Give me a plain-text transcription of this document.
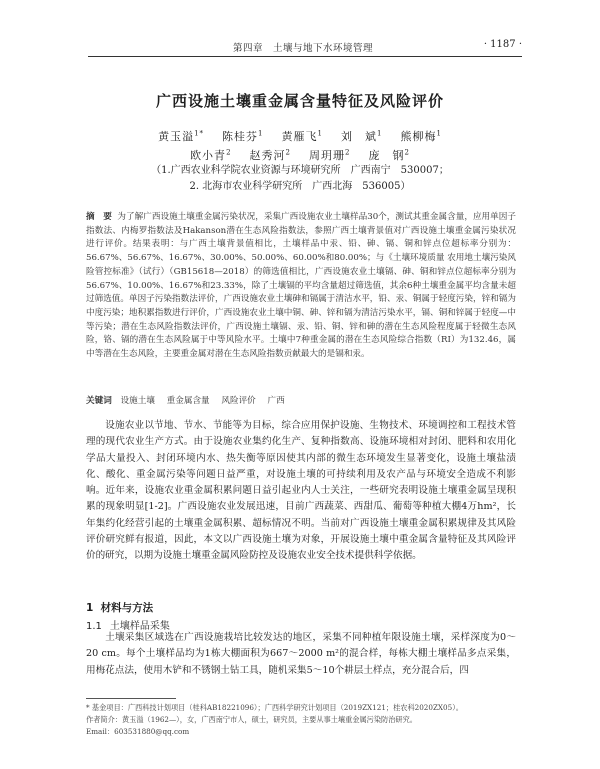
第四章　土壤与地下水环境管理	· 1187 ·
广西设施土壤重金属含量特征及风险评价
黄玉溢$^{1*}$ 陈桂芬$^1$ 黄雁飞$^1$ 刘　斌$^1$ 熊柳梅$^1$
欧小青$^2$ 赵秀河$^2$ 周玥珊$^2$ 庞　钢$^2$
（1.广西农业科学院农业资源与环境研究所　广西南宁　530007；
2. 北海市农业科学研究所　广西北海　536005）
摘　要 为了解广西设施土壤重金属污染状况，采集广西设施农业土壤样品30个，测试其重金属含量，应用单因子指数法、内梅罗指数法及Hakanson潜在生态风险指数法，参照广西土壤背景值对广西设施土壤重金属污染状况进行评价。结果表明：与广西土壤背景值相比，土壤样品中汞、铅、砷、镉、铜和锌点位超标率分别为：56.67%、56.67%、16.67%、30.00%、50.00%、60.00%和80.00%；与《土壤环境质量 农用地土壤污染风险管控标准》（试行）（GB15618—2018）的筛选值相比，广西设施农业土壤镉、砷、铜和锌点位超标率分别为56.67%、10.00%、16.67%和23.33%，除了土壤镉的平均含量超过筛选值，其余6种土壤重金属平均含量未超过筛选值。单因子污染指数法评价，广西设施农业土壤砷和镉属于清洁水平，铅、汞、铜属于轻度污染，锌和镉为中度污染；地积累指数进行评价，广西设施农业土壤中铜、砷、锌和镉为清洁污染水平，镉、铜和锌属于轻度—中等污染；潜在生态风险指数法评价，广西设施土壤镉、汞、铅、铜、锌和砷的潜在生态风险程度属于轻微生态风险，铬、镉的潜在生态风险属于中等风险水平。土壤中7种重金属的潜在生态风险综合指数（RI）为132.46，属中等潜在生态风险，主要重金属对潜在生态风险指数贡献最大的是镉和汞。
关键词 设施土壤 重金属含量 风险评价 广西
设施农业以节地、节水、节能等为目标，综合应用保护设施、生物技术、环境调控和工程技术管理的现代农业生产方式。由于设施农业集约化生产、复种指数高、设施环境相对封闭、肥料和农用化学品大量投入、封闭环境内水、热失衡等原因使其内部的微生态环境发生显著变化，设施土壤盐渍化、酸化、重金属污染等问题日益严重，对设施土壤的可持续利用及农产品与环境安全造成不利影响。近年来，设施农业重金属积累问题日益引起业内人士关注，一些研究表明设施土壤重金属呈现积累的现象明显[1-2]。广西设施农业发展迅速，目前广西蔬菜、西甜瓜、葡萄等种植大棚4万hm²，长年集约化经营引起的土壤重金属积累、超标情况不明。当前对广西设施土壤重金属积累规律及其风险评价研究鲜有报道，因此，本文以广西设施土壤为对象，开展设施土壤中重金属含量特征及其风险评价的研究，以期为设施土壤重金属风险防控及设施农业安全技术提供科学依据。
1 材料与方法
1.1 土壤样品采集
土壤采集区域选在广西设施栽培比较发达的地区，采集不同种植年限设施土壤，采样深度为0～20 cm。每个土壤样品均为1栋大棚面积为667～2000 m²的混合样，每栋大棚土壤样品多点采集，用梅花点法，使用木铲和不锈钢土钻工具，随机采集5～10个耕层土样点，充分混合后，四
* 基金项目：广西科技计划项目（桂科AB18221096）；广西科学研究计划项目（2019ZX121；桂农科2020ZX05）。
作者简介：黄玉溢（1962—），女，广西南宁市人，硕士，研究员，主要从事土壤重金属污染防治研究。
Email：603531880@qq.com
